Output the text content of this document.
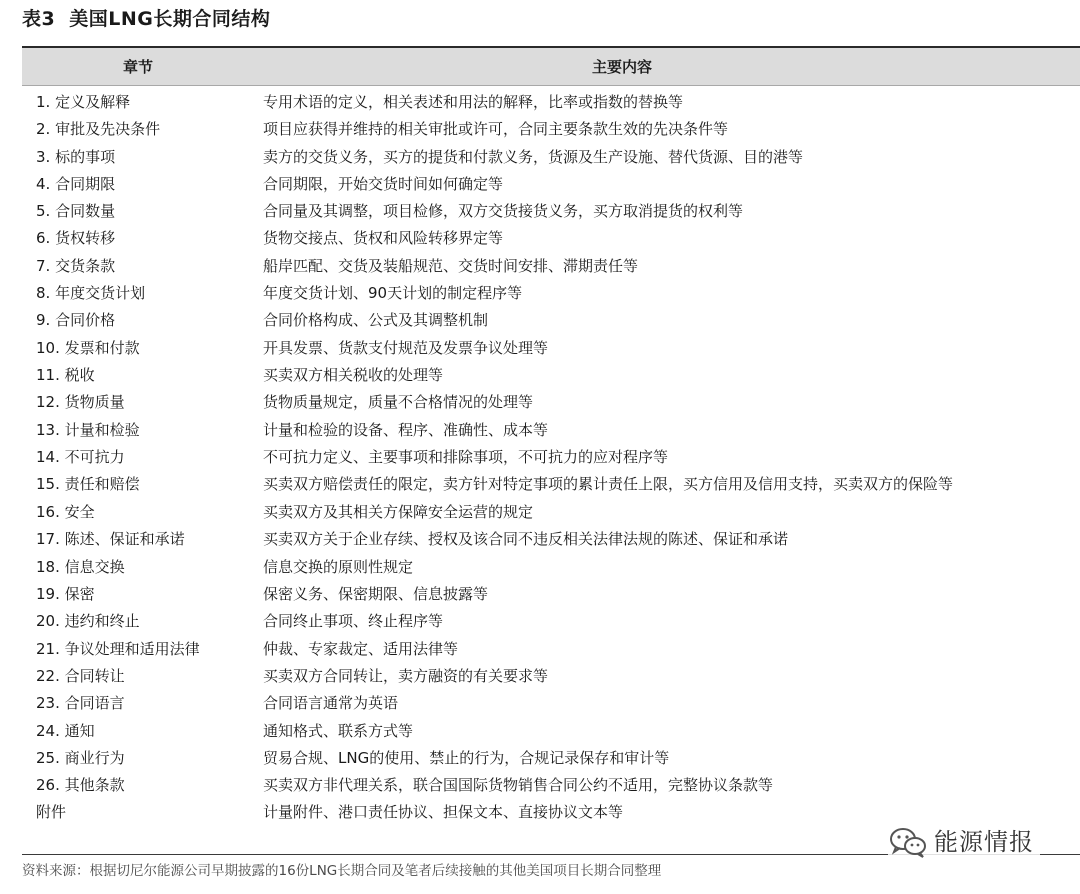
表3 美国LNG长期合同结构
章节	主要内容
1. 定义及解释	专用术语的定义，相关表述和用法的解释，比率或指数的替换等
2. 审批及先决条件	项目应获得并维持的相关审批或许可，合同主要条款生效的先决条件等
3. 标的事项	卖方的交货义务，买方的提货和付款义务，货源及生产设施、替代货源、目的港等
4. 合同期限	合同期限，开始交货时间如何确定等
5. 合同数量	合同量及其调整，项目检修，双方交货接货义务，买方取消提货的权利等
6. 货权转移	货物交接点、货权和风险转移界定等
7. 交货条款	船岸匹配、交货及装船规范、交货时间安排、滞期责任等
8. 年度交货计划	年度交货计划、90天计划的制定程序等
9. 合同价格	合同价格构成、公式及其调整机制
10. 发票和付款	开具发票、货款支付规范及发票争议处理等
11. 税收	买卖双方相关税收的处理等
12. 货物质量	货物质量规定，质量不合格情况的处理等
13. 计量和检验	计量和检验的设备、程序、准确性、成本等
14. 不可抗力	不可抗力定义、主要事项和排除事项，不可抗力的应对程序等
15. 责任和赔偿	买卖双方赔偿责任的限定，卖方针对特定事项的累计责任上限，买方信用及信用支持，买卖双方的保险等
16. 安全	买卖双方及其相关方保障安全运营的规定
17. 陈述、保证和承诺	买卖双方关于企业存续、授权及该合同不违反相关法律法规的陈述、保证和承诺
18. 信息交换	信息交换的原则性规定
19. 保密	保密义务、保密期限、信息披露等
20. 违约和终止	合同终止事项、终止程序等
21. 争议处理和适用法律	仲裁、专家裁定、适用法律等
22. 合同转让	买卖双方合同转让，卖方融资的有关要求等
23. 合同语言	合同语言通常为英语
24. 通知	通知格式、联系方式等
25. 商业行为	贸易合规、LNG的使用、禁止的行为，合规记录保存和审计等
26. 其他条款	买卖双方非代理关系，联合国国际货物销售合同公约不适用，完整协议条款等
附件	计量附件、港口责任协议、担保文本、直接协议文本等
资料来源：根据切尼尔能源公司早期披露的16份LNG长期合同及笔者后续接触的其他美国项目长期合同整理
能源情报
